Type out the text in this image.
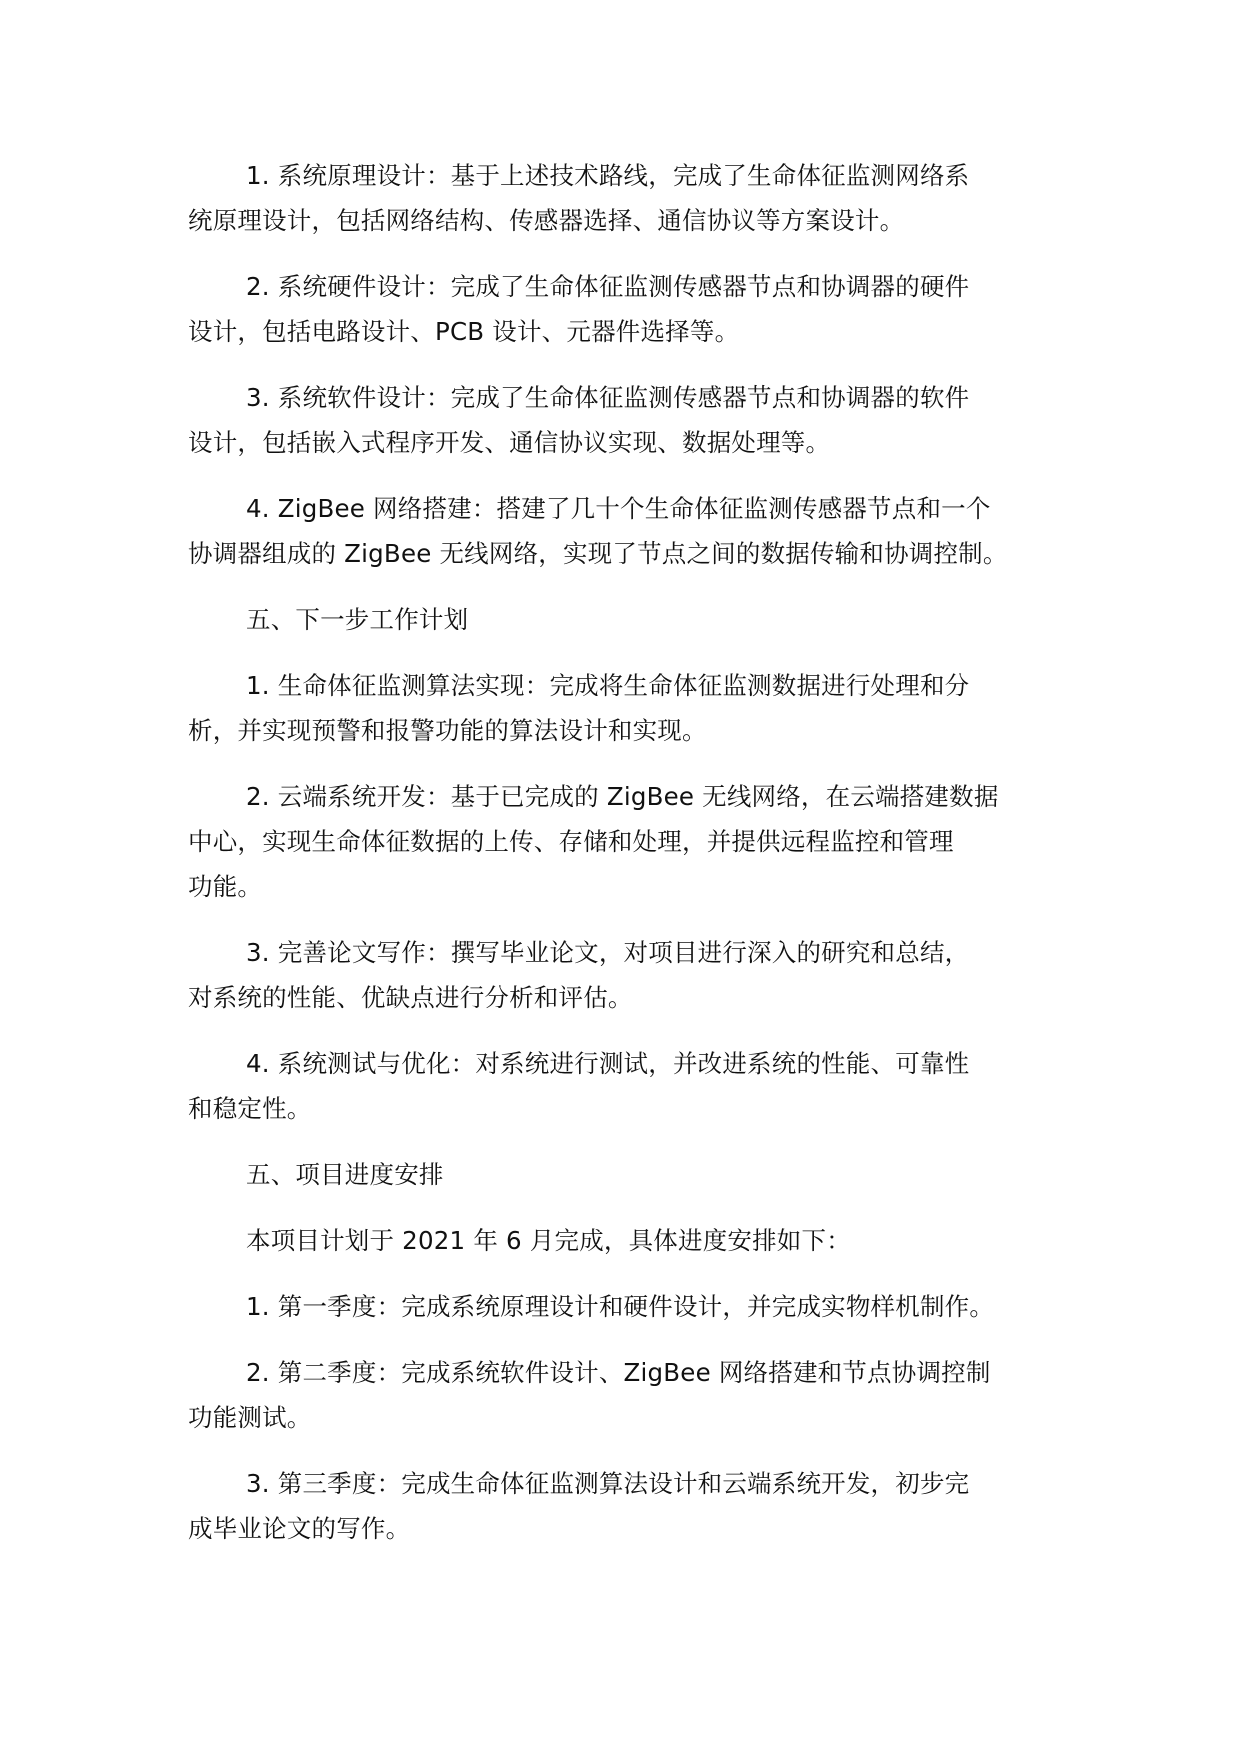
1. 系统原理设计：基于上述技术路线，完成了生命体征监测网络系
统原理设计，包括网络结构、传感器选择、通信协议等方案设计。
2. 系统硬件设计：完成了生命体征监测传感器节点和协调器的硬件
设计，包括电路设计、PCB 设计、元器件选择等。
3. 系统软件设计：完成了生命体征监测传感器节点和协调器的软件
设计，包括嵌入式程序开发、通信协议实现、数据处理等。
4. ZigBee 网络搭建：搭建了几十个生命体征监测传感器节点和一个
协调器组成的 ZigBee 无线网络，实现了节点之间的数据传输和协调控制。
五、下一步工作计划
1. 生命体征监测算法实现：完成将生命体征监测数据进行处理和分
析，并实现预警和报警功能的算法设计和实现。
2. 云端系统开发：基于已完成的 ZigBee 无线网络，在云端搭建数据
中心，实现生命体征数据的上传、存储和处理，并提供远程监控和管理
功能。
3. 完善论文写作：撰写毕业论文，对项目进行深入的研究和总结，
对系统的性能、优缺点进行分析和评估。
4. 系统测试与优化：对系统进行测试，并改进系统的性能、可靠性
和稳定性。
五、项目进度安排
本项目计划于 2021 年 6 月完成，具体进度安排如下：
1. 第一季度：完成系统原理设计和硬件设计，并完成实物样机制作。
2. 第二季度：完成系统软件设计、ZigBee 网络搭建和节点协调控制
功能测试。
3. 第三季度：完成生命体征监测算法设计和云端系统开发，初步完
成毕业论文的写作。
